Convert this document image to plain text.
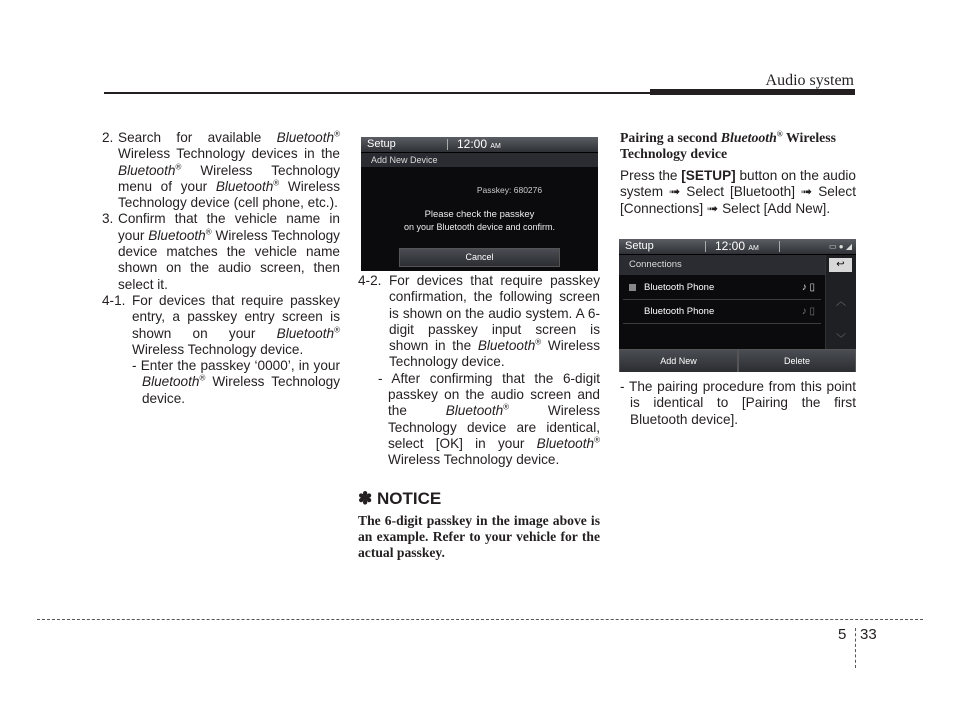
Audio system
2. Search for available Bluetooth® Wireless Technology devices in the Bluetooth® Wireless Technology menu of your Bluetooth® Wireless Technology device (cell phone, etc.).

3. Confirm that the vehicle name in your Bluetooth® Wireless Technology device matches the vehicle name shown on the audio screen, then select it.

4-1. For devices that require passkey entry, a passkey entry screen is shown on your Bluetooth® Wireless Technology device.

- Enter the passkey ‘0000’, in your Bluetooth® Wireless Technology device.

Setup	12:00 AM
Add New Device
Passkey: 680276
Please check the passkey
on your Bluetooth device and confirm.
Cancel
4-2. For devices that require passkey confirmation, the following screen is shown on the audio system. A 6-digit passkey input screen is shown in the Bluetooth® Wireless Technology device.

- After confirming that the 6-digit passkey on the audio screen and the Bluetooth® Wireless Technology device are identical, select [OK] in your Bluetooth® Wireless Technology device.

✽ NOTICE

The 6-digit passkey in the image above is an example. Refer to your vehicle for the actual passkey.

Pairing a second Bluetooth® Wireless Technology device

Press the [SETUP] button on the audio system ➟ Select [Bluetooth] ➟ Select [Connections] ➟ Select [Add New].

Setup	12:00 AM	▭ ● ◢
Connections
Bluetooth Phone	♪ ▯
Bluetooth Phone	♪ ▯
↩
︿
﹀
Add New	Delete

- The pairing procedure from this point is identical to [Pairing the first Bluetooth device].

5 33
